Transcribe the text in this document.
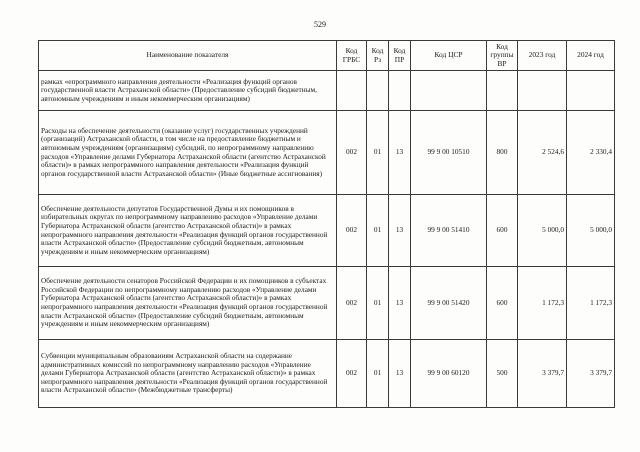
529
Наименование показателя	Код ГРБС	Код Рз	Код ПР	Код ЦСР	Код группы ВР	2023 год	2024 год
рамках «епрограммного направления деятельности «Реализация функций органов государственной власти Астраханской области» (Предоставление субсидий бюджетным, автономным учреждениям и иным некоммерческим организациям)							
Расходы на обеспечение деятельности (оказание услуг) государственных учреждений (организаций) Астраханской области, в том числе на предоставление бюджетным и автономным учреждениям (организациям) субсидий, по непрограммному направлению расходов «Управление делами Губернатора Астраханской области (агентство Астраханской области)» в рамках непрограммного направления деятельности «Реализация функций органов государственной власти Астраханской области» (Иные бюджетные ассигнования)	002	01	13	99 9 00 10510	800	2 524,6	2 330,4
Обеспечение деятельности депутатов Государственной Думы и их помощников в избирательных округах по непрограммному направлению расходов «Управление делами Губернатора Астраханской области (агентство Астраханской области)» в рамках непрограммного направления деятельности «Реализация функций органов государственной власти Астраханской области» (Предоставление субсидий бюджетным, автономным учреждениям и иным некоммерческим организациям)	002	01	13	99 9 00 51410	600	5 000,0	5 000,0
Обеспечение деятельности сенаторов Российской Федерации и их помощников в субъектах Российской Федерации по непрограммному направлению расходов «Управление делами Губернатора Астраханской области (агентство Астраханской области)» в рамках непрограммного направления деятельности «Реализация функций органов государственной власти Астраханской области» (Предоставление субсидий бюджетным, автономным учреждениям и иным некоммерческим организациям)	002	01	13	99 9 00 51420	600	1 172,3	1 172,3
Субвенции муниципальным образованиям Астраханской области на содержание административных комиссий по непрограммному направлению расходов «Управление делами Губернатора Астраханской области (агентство Астраханской области)» в рамках непрограммного направления деятельности «Реализация функций органов государственной власти Астраханской области» (Межбюджетные трансферты)	002	01	13	99 9 00 60120	500	3 379,7	3 379,7
